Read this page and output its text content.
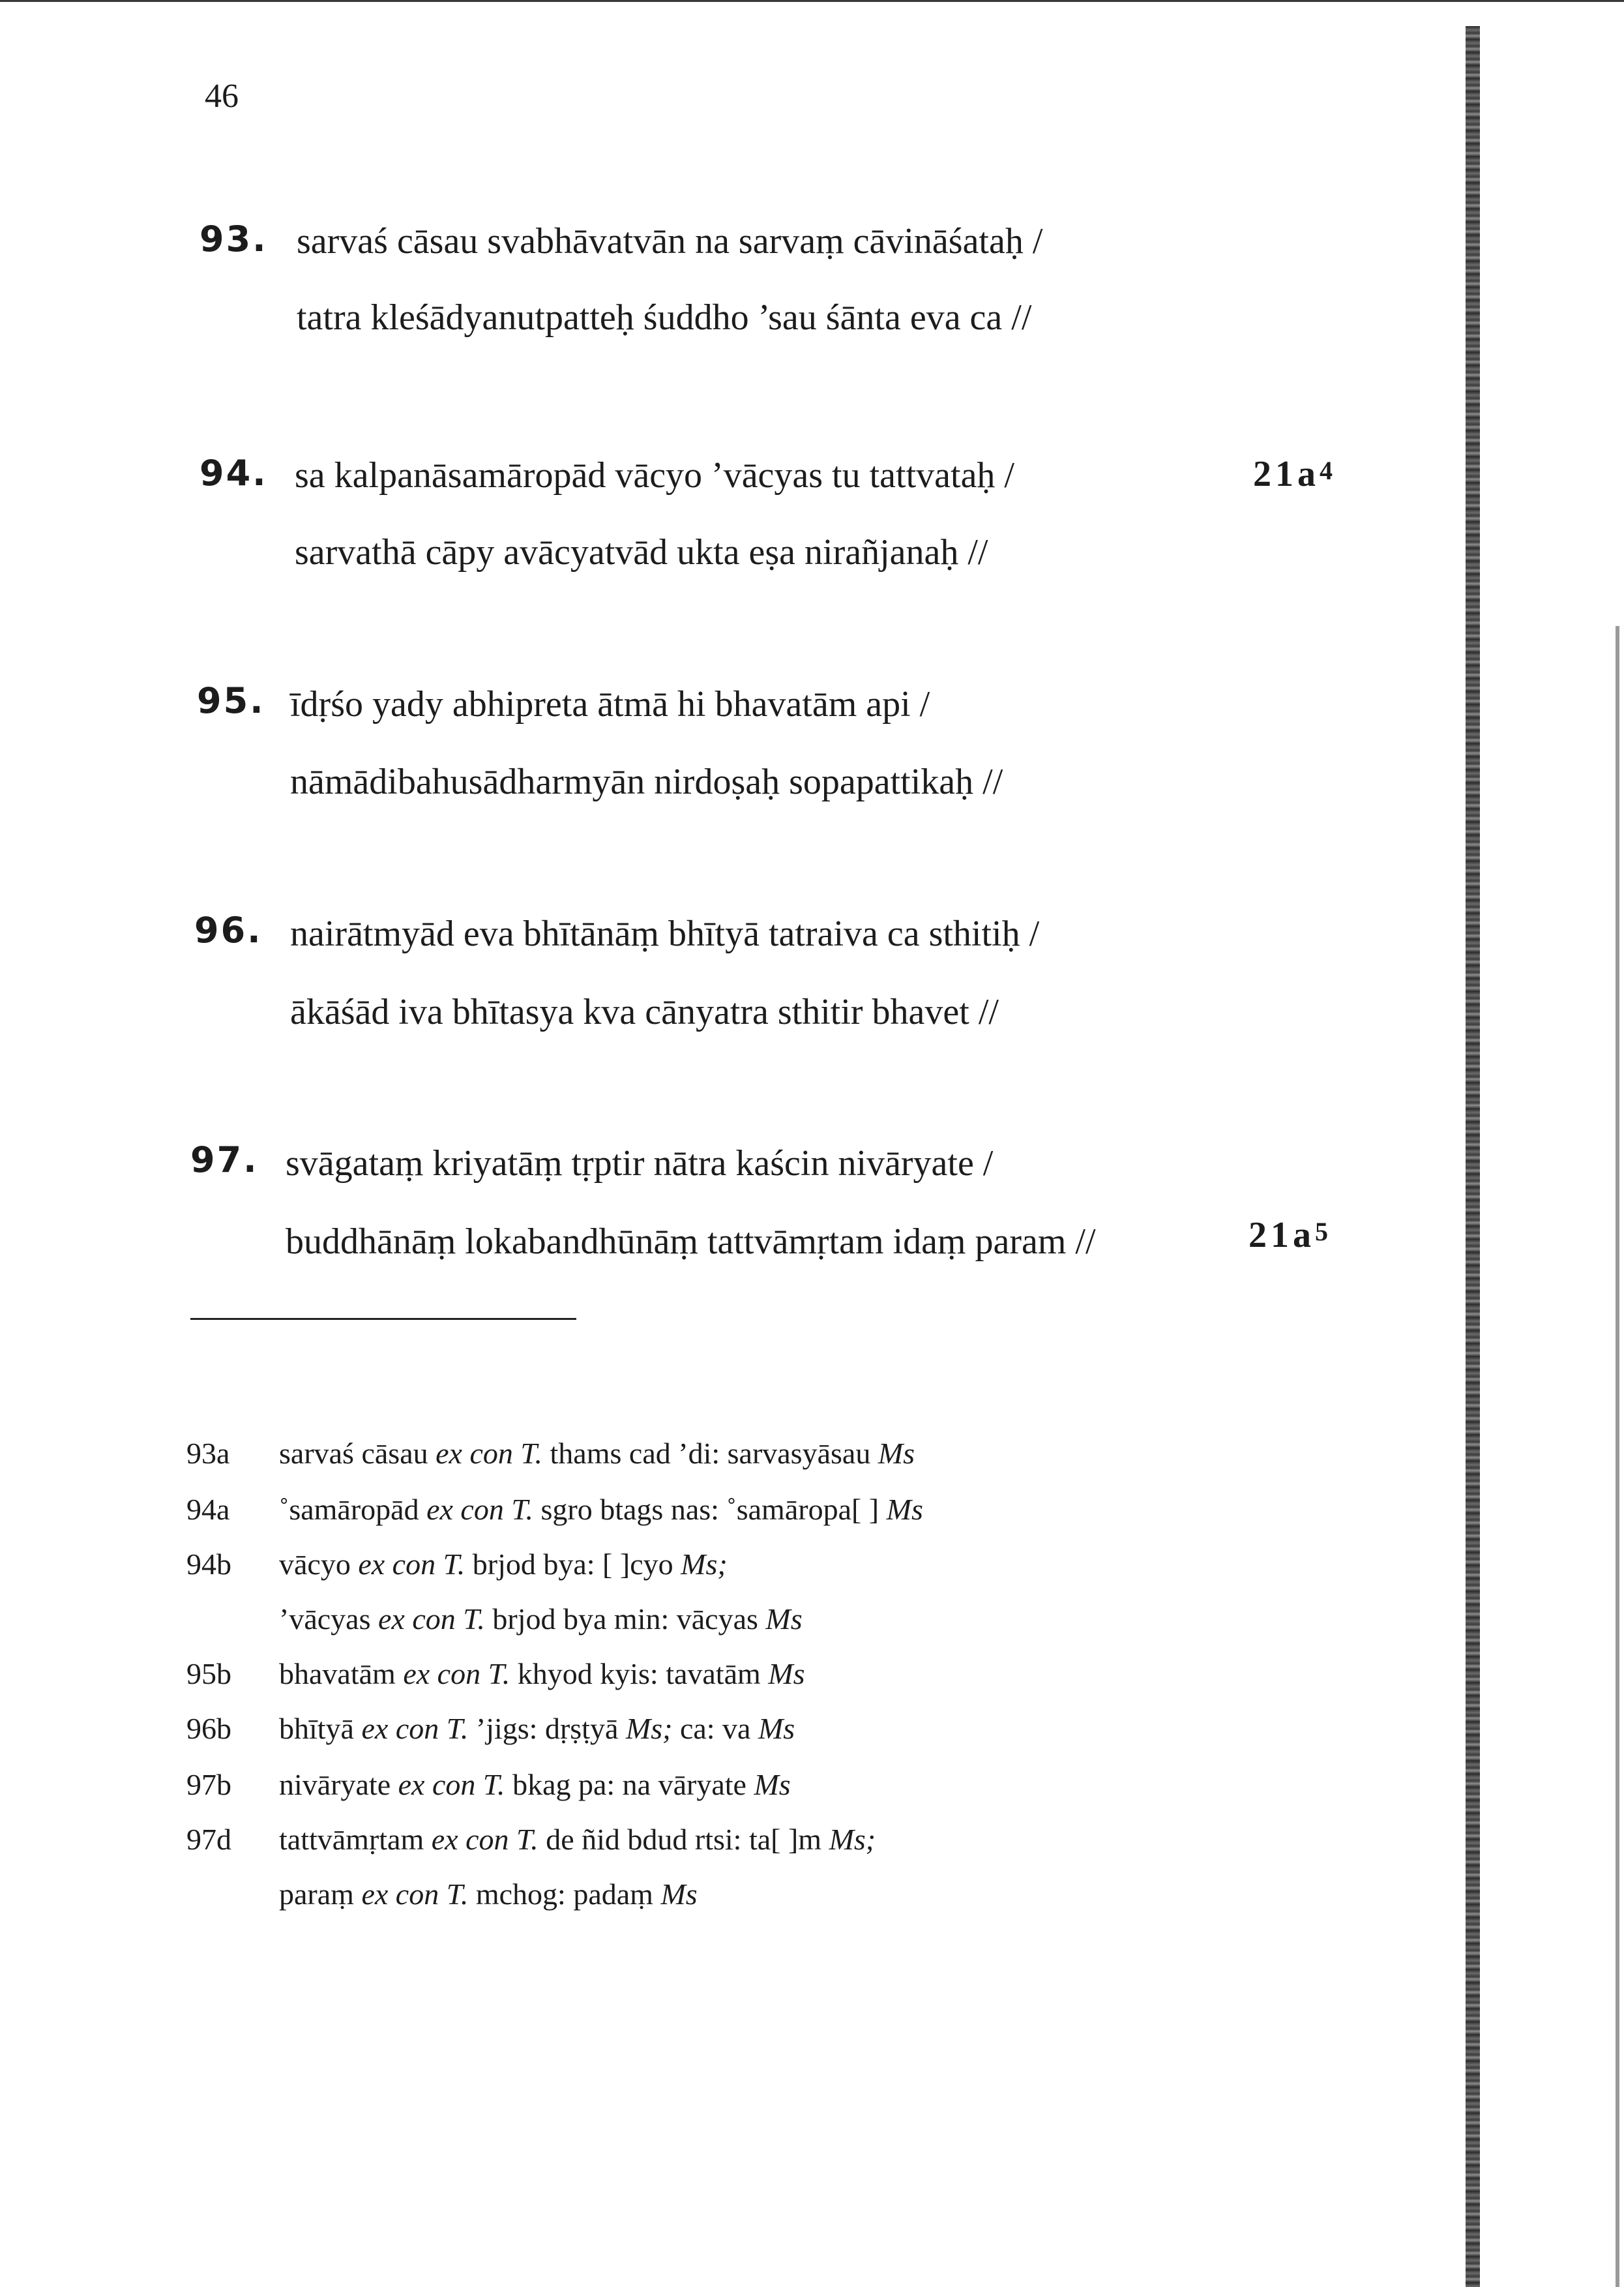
46
93. sarvaś cāsau svabhāvatvān na sarvaṃ cāvināśataḥ /
tatra kleśādyanutpatteḥ śuddho ’sau śānta eva ca //
94. sa kalpanāsamāropād vācyo ’vācyas tu tattvataḥ /
sarvathā cāpy avācyatvād ukta eṣa nirañjanaḥ //
$21a^4$
95. īdṛśo yady abhipreta ātmā hi bhavatām api /
nāmādibahusādharmyān nirdoṣaḥ sopapattikaḥ //
96. nairātmyād eva bhītānāṃ bhītyā tatraiva ca sthitiḥ /
ākāśād iva bhītasya kva cānyatra sthitir bhavet //
97. svāgataṃ kriyatāṃ tṛptir nātra kaścin nivāryate /
buddhānāṃ lokabandhūnāṃ tattvāmṛtam idaṃ param //	$21a^5$
93a sarvaś cāsau ex con T. thams cad ’di: sarvasyāsau Ms
94a ˚samāropād ex con T. sgro btags nas: ˚samāropa[ ] Ms
94b vācyo ex con T. brjod bya: [ ]cyo Ms;
’vācyas ex con T. brjod bya min: vācyas Ms
95b bhavatām ex con T. khyod kyis: tavatām Ms
96b bhītyā ex con T. ’jigs: dṛṣṭyā Ms; ca: va Ms
97b nivāryate ex con T. bkag pa: na vāryate Ms
97d tattvāmṛtam ex con T. de ñid bdud rtsi: ta[ ]m Ms;
paraṃ ex con T. mchog: padaṃ Ms
